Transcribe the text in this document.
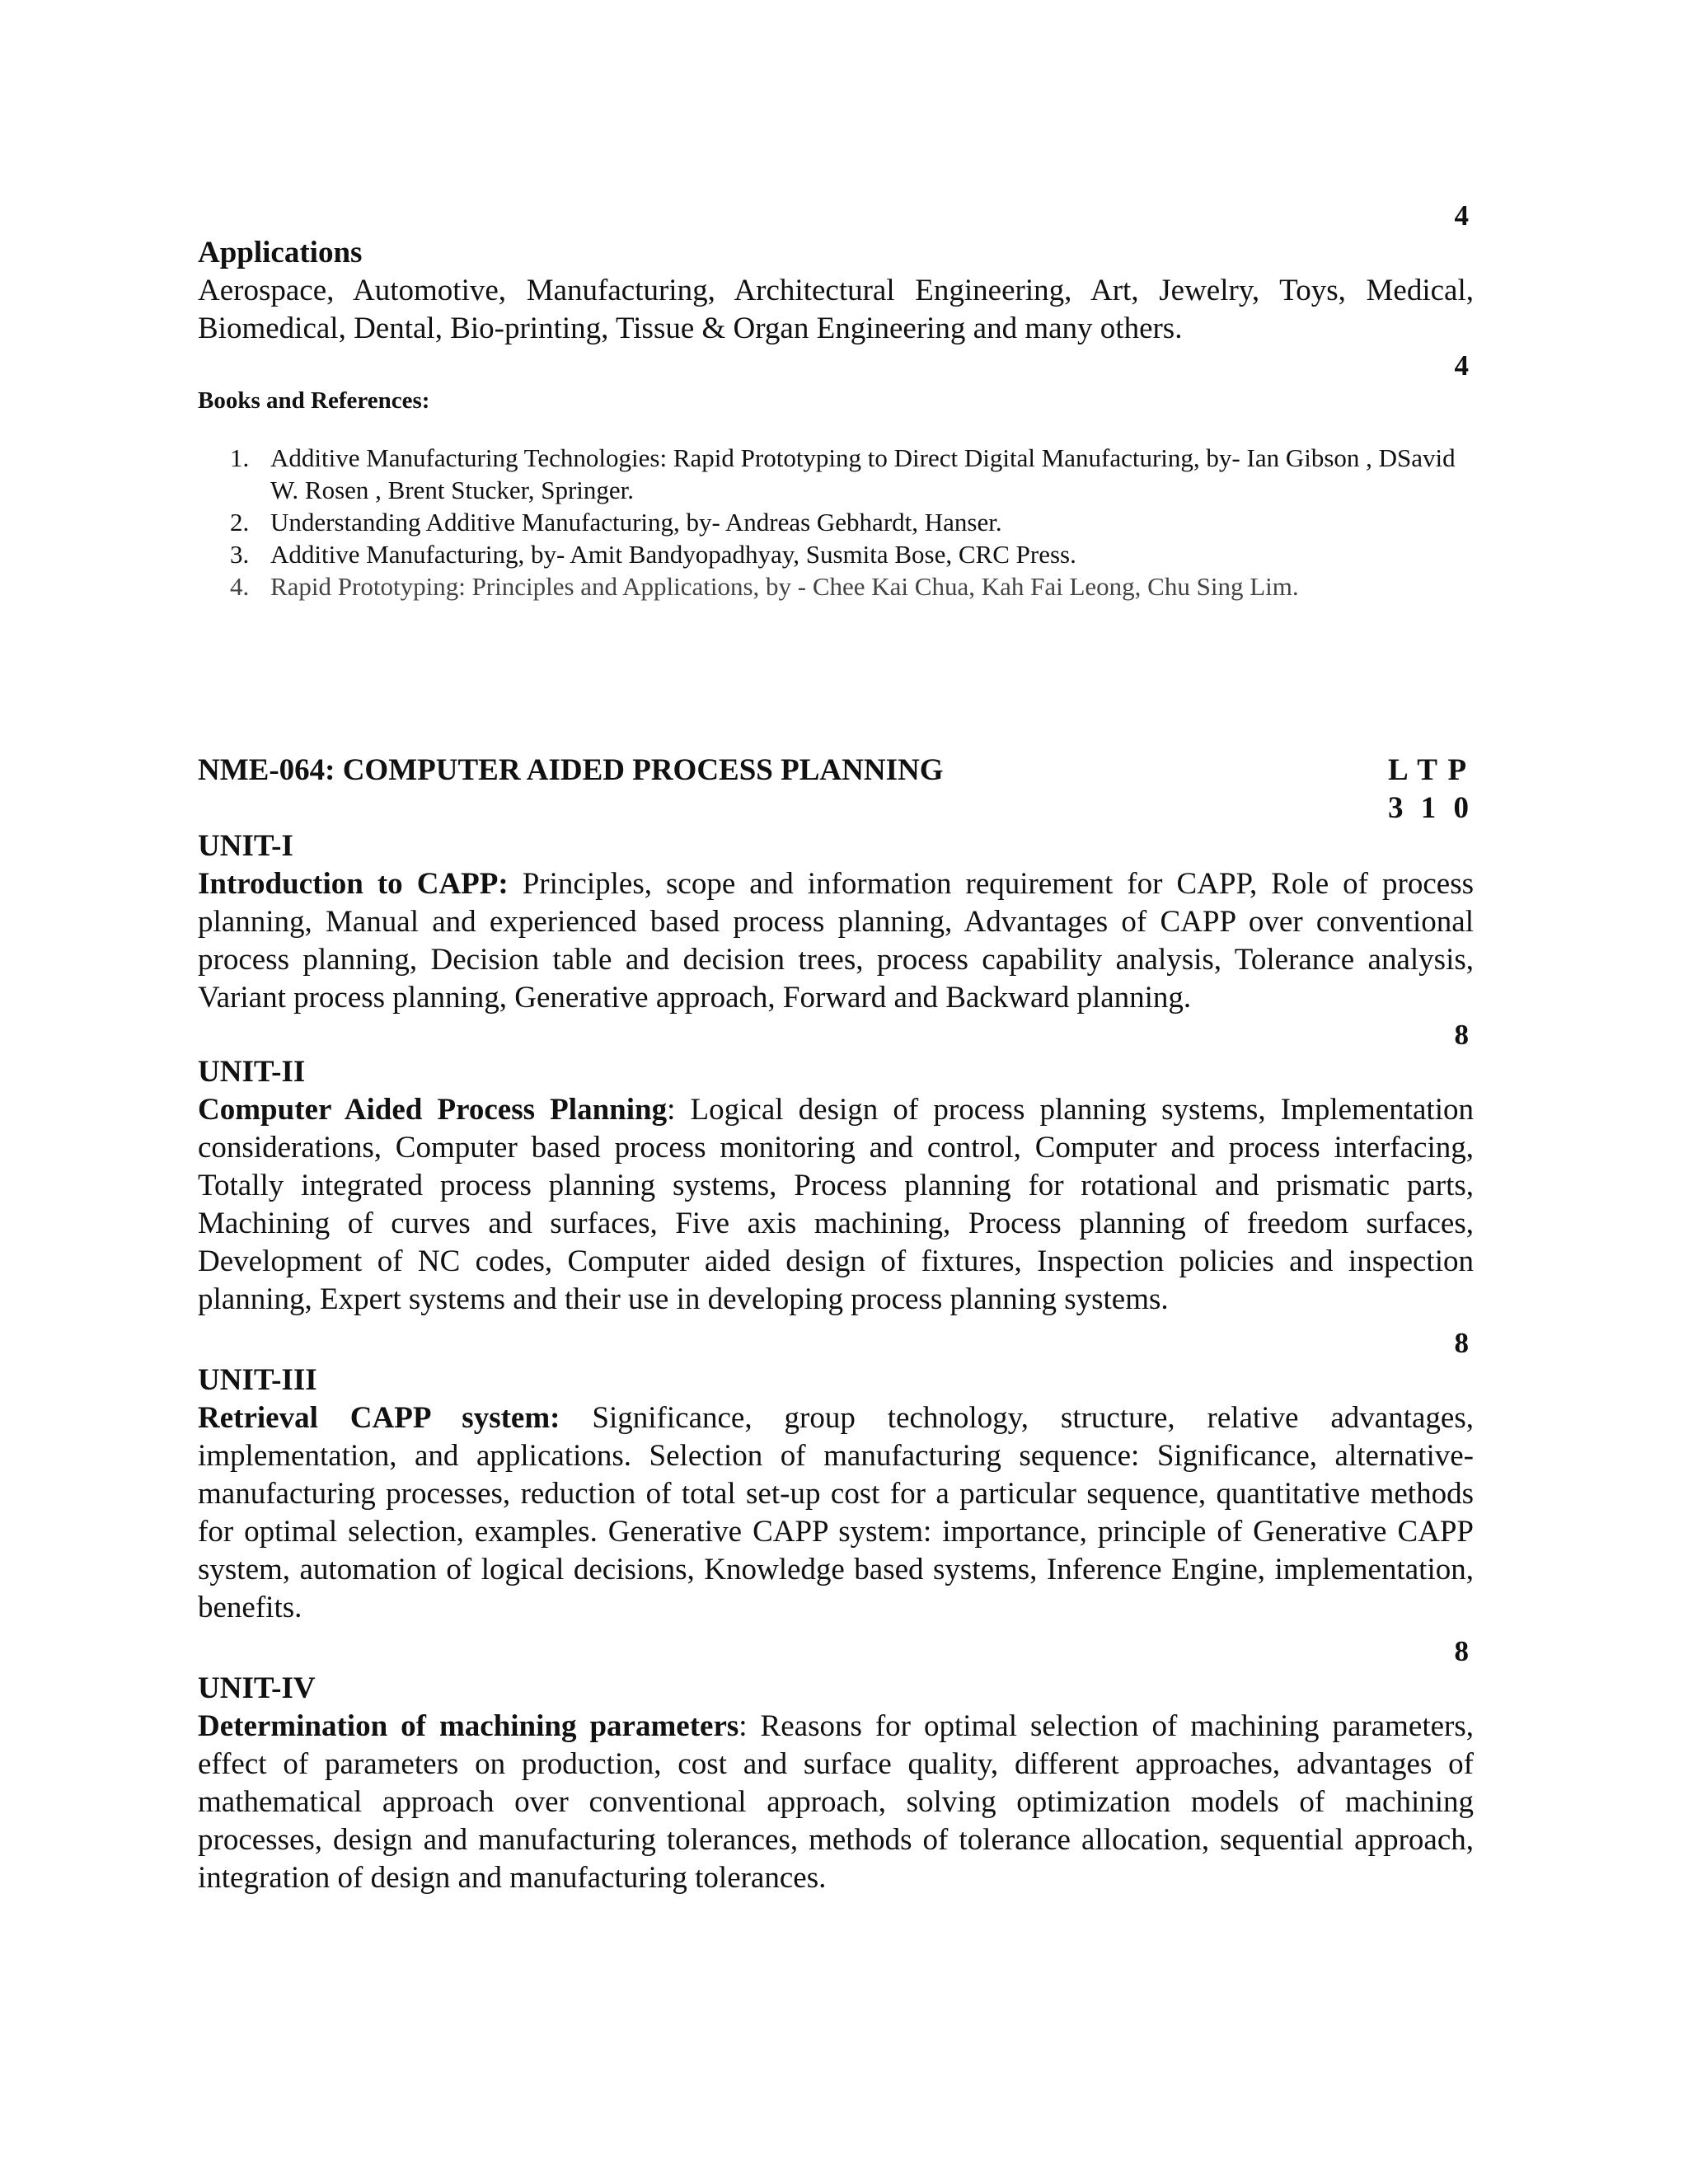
4
Applications
Aerospace, Automotive, Manufacturing, Architectural Engineering, Art, Jewelry, Toys, Medical, Biomedical, Dental, Bio-printing, Tissue & Organ Engineering and many others.
4
Books and References:
1. Additive Manufacturing Technologies: Rapid Prototyping to Direct Digital Manufacturing, by- Ian Gibson , DSavid W. Rosen , Brent Stucker, Springer.
2. Understanding Additive Manufacturing, by- Andreas Gebhardt, Hanser.
3. Additive Manufacturing, by- Amit Bandyopadhyay, Susmita Bose, CRC Press.
4. Rapid Prototyping: Principles and Applications, by - Chee Kai Chua, Kah Fai Leong, Chu Sing Lim.
NME-064: COMPUTER AIDED PROCESS PLANNING	L T P
3 1 0
UNIT-I
Introduction to CAPP: Principles, scope and information requirement for CAPP, Role of process planning, Manual and experienced based process planning, Advantages of CAPP over conventional process planning, Decision table and decision trees, process capability analysis, Tolerance analysis, Variant process planning, Generative approach, Forward and Backward planning.
8
UNIT-II
Computer Aided Process Planning: Logical design of process planning systems, Implementation considerations, Computer based process monitoring and control, Computer and process interfacing, Totally integrated process planning systems, Process planning for rotational and prismatic parts, Machining of curves and surfaces, Five axis machining, Process planning of freedom surfaces, Development of NC codes, Computer aided design of fixtures, Inspection policies and inspection planning, Expert systems and their use in developing process planning systems.
8
UNIT-III
Retrieval CAPP system: Significance, group technology, structure, relative advantages, implementation, and applications. Selection of manufacturing sequence: Significance, alternative-manufacturing processes, reduction of total set-up cost for a particular sequence, quantitative methods for optimal selection, examples. Generative CAPP system: importance, principle of Generative CAPP system, automation of logical decisions, Knowledge based systems, Inference Engine, implementation, benefits.
8
UNIT-IV
Determination of machining parameters: Reasons for optimal selection of machining parameters, effect of parameters on production, cost and surface quality, different approaches, advantages of mathematical approach over conventional approach, solving optimization models of machining processes, design and manufacturing tolerances, methods of tolerance allocation, sequential approach, integration of design and manufacturing tolerances.
